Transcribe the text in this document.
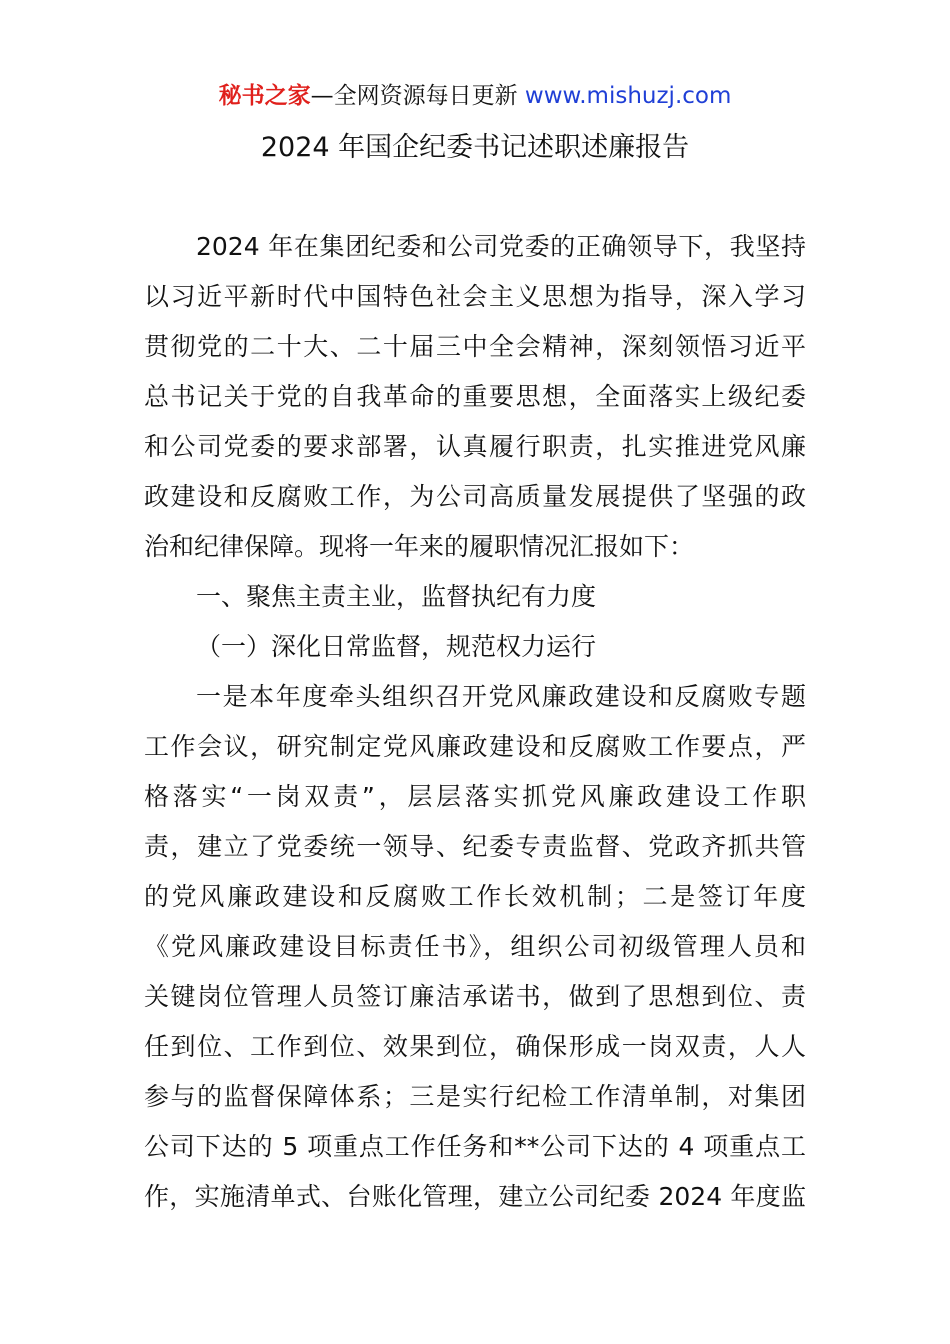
秘书之家—全网资源每日更新 www.mishuzj.com
2024 年国企纪委书记述职述廉报告
2024 年在集团纪委和公司党委的正确领导下，我坚持
以习近平新时代中国特色社会主义思想为指导，深入学习
贯彻党的二十大、二十届三中全会精神，深刻领悟习近平
总书记关于党的自我革命的重要思想，全面落实上级纪委
和公司党委的要求部署，认真履行职责，扎实推进党风廉
政建设和反腐败工作，为公司高质量发展提供了坚强的政
治和纪律保障。现将一年来的履职情况汇报如下：
一、聚焦主责主业，监督执纪有力度
（一）深化日常监督，规范权力运行
一是本年度牵头组织召开党风廉政建设和反腐败专题
工作会议，研究制定党风廉政建设和反腐败工作要点，严
格落实“一岗双责”，层层落实抓党风廉政建设工作职
责，建立了党委统一领导、纪委专责监督、党政齐抓共管
的党风廉政建设和反腐败工作长效机制；二是签订年度
《党风廉政建设目标责任书》，组织公司初级管理人员和
关键岗位管理人员签订廉洁承诺书，做到了思想到位、责
任到位、工作到位、效果到位，确保形成一岗双责，人人
参与的监督保障体系；三是实行纪检工作清单制，对集团
公司下达的 5 项重点工作任务和**公司下达的 4 项重点工
作，实施清单式、台账化管理，建立公司纪委 2024 年度监
